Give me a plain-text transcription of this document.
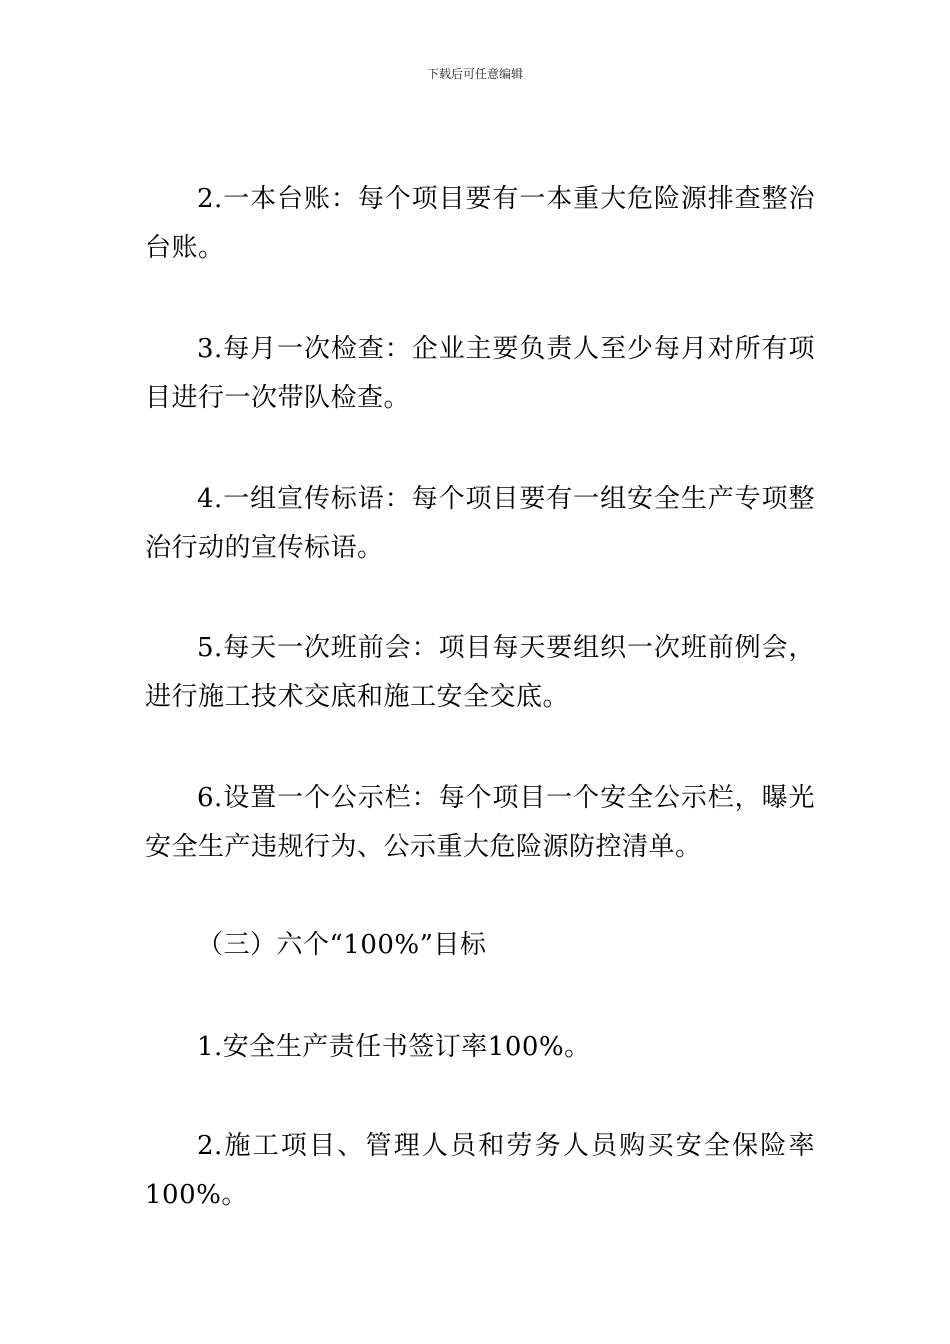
下载后可任意编辑
2.一本台账：每个项目要有一本重大危险源排查整治台账。
3.每月一次检查：企业主要负责人至少每月对所有项目进行一次带队检查。
4.一组宣传标语：每个项目要有一组安全生产专项整治行动的宣传标语。
5.每天一次班前会：项目每天要组织一次班前例会，进行施工技术交底和施工安全交底。
6.设置一个公示栏：每个项目一个安全公示栏，曝光安全生产违规行为、公示重大危险源防控清单。
（三）六个“100%”目标
1.安全生产责任书签订率100%。
2.施工项目、管理人员和劳务人员购买安全保险率100%。
